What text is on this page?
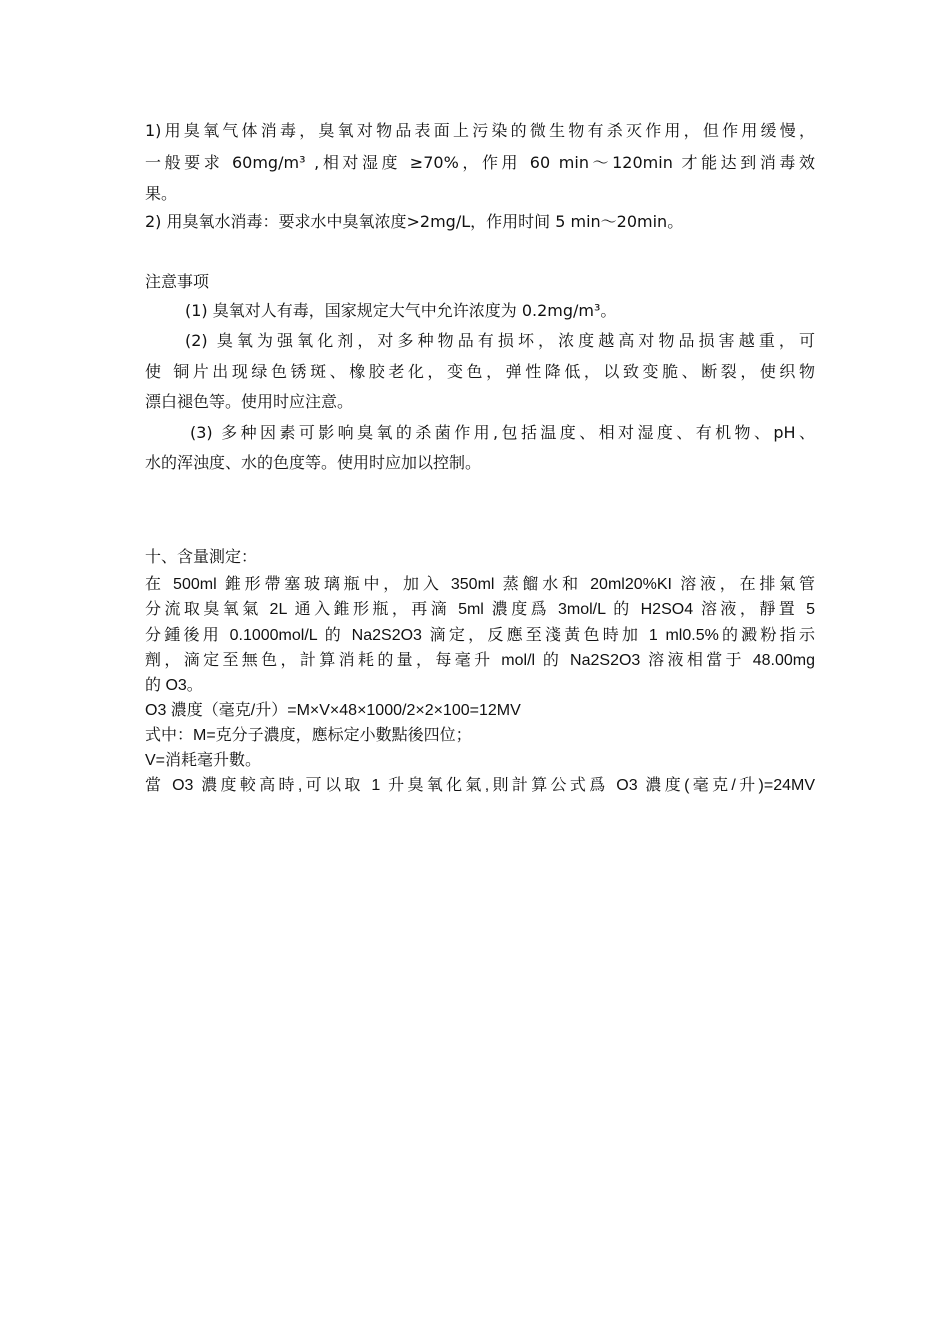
1)用臭氧气体消毒，臭氧对物品表面上污染的微生物有杀灭作用，但作用缓慢，
一般要求 60mg/m³ ,相对湿度 ≥70%，作用 60 min～120min 才能达到消毒效
果。
2) 用臭氧水消毒：要求水中臭氧浓度>2mg/L，作用时间 5 min～20min。
注意事项
(1) 臭氧对人有毒，国家规定大气中允许浓度为 0.2mg/m³。
(2) 臭氧为强氧化剂，对多种物品有损坏，浓度越高对物品损害越重，可
使 铜片出现绿色锈斑、橡胶老化，变色，弹性降低，以致变脆、断裂，使织物
漂白褪色等。使用时应注意。
(3) 多种因素可影响臭氧的杀菌作用,包括温度、相对湿度、有机物、pH、
水的浑浊度、水的色度等。使用时应加以控制。
十、含量測定：
在 500ml 錐形帶塞玻璃瓶中，加入 350ml 蒸餾水和 20ml20%KI 溶液，在排氣管
分流取臭氧氣 2L 通入錐形瓶，再滴 5ml 濃度爲 3mol/L 的 H2SO4 溶液，靜置 5
分鍾後用 0.1000mol/L 的 Na2S2O3 滴定，反應至淺黃色時加 1 ml0.5%的澱粉指示
劑，滴定至無色，計算消耗的量，每毫升 mol/l 的 Na2S2O3 溶液相當于 48.00mg
的 O3。
O3 濃度（毫克/升）=M×V×48×1000/2×2×100=12MV
式中：M=克分子濃度，應标定小數點後四位；
V=消耗毫升數。
當 O3 濃度較高時,可以取 1 升臭氧化氣,則計算公式爲 O3 濃度(毫克/升)=24MV
